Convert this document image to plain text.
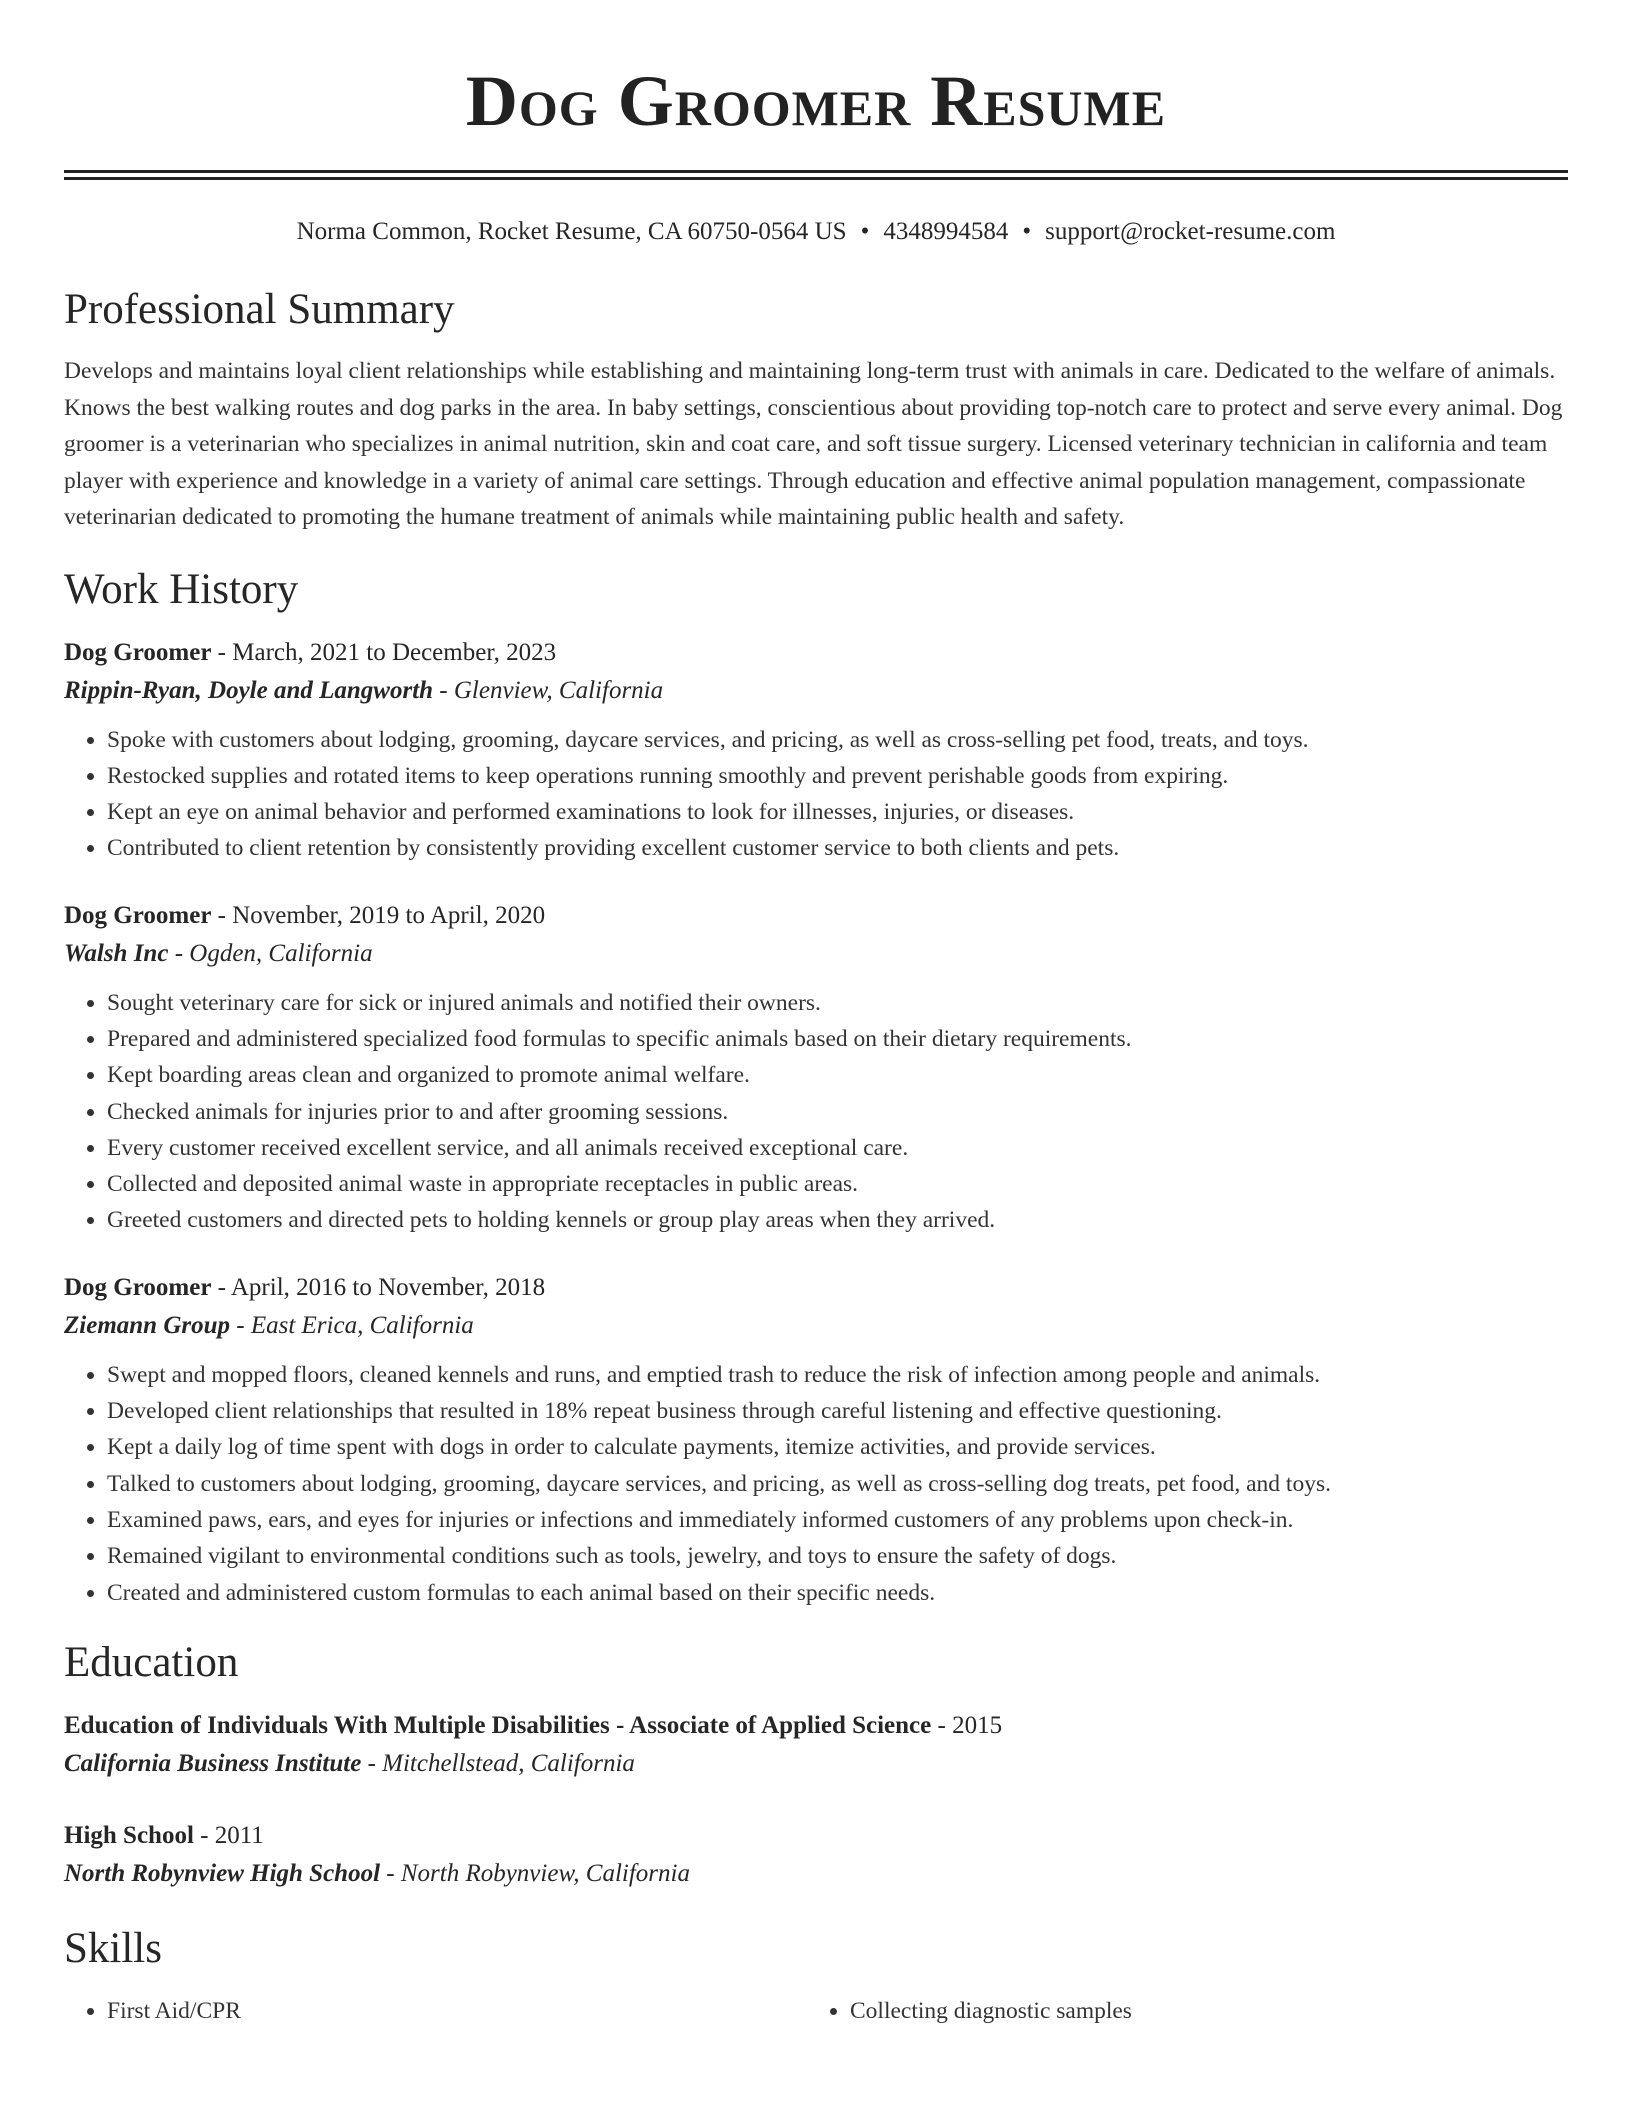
Dog Groomer Resume
Norma Common, Rocket Resume, CA 60750-0564 US • 4348994584 • support@rocket-resume.com
Professional Summary

Develops and maintains loyal client relationships while establishing and maintaining long-term trust with animals in care. Dedicated to the welfare of animals. Knows the best walking routes and dog parks in the area. In baby settings, conscientious about providing top-notch care to protect and serve every animal. Dog groomer is a veterinarian who specializes in animal nutrition, skin and coat care, and soft tissue surgery. Licensed veterinary technician in california and team player with experience and knowledge in a variety of animal care settings. Through education and effective animal population management, compassionate veterinarian dedicated to promoting the humane treatment of animals while maintaining public health and safety.

Work History
Dog Groomer - March, 2021 to December, 2023
Rippin-Ryan, Doyle and Langworth - Glenview, California
• Spoke with customers about lodging, grooming, daycare services, and pricing, as well as cross-selling pet food, treats, and toys.
• Restocked supplies and rotated items to keep operations running smoothly and prevent perishable goods from expiring.
• Kept an eye on animal behavior and performed examinations to look for illnesses, injuries, or diseases.
• Contributed to client retention by consistently providing excellent customer service to both clients and pets.
Dog Groomer - November, 2019 to April, 2020
Walsh Inc - Ogden, California
• Sought veterinary care for sick or injured animals and notified their owners.
• Prepared and administered specialized food formulas to specific animals based on their dietary requirements.
• Kept boarding areas clean and organized to promote animal welfare.
• Checked animals for injuries prior to and after grooming sessions.
• Every customer received excellent service, and all animals received exceptional care.
• Collected and deposited animal waste in appropriate receptacles in public areas.
• Greeted customers and directed pets to holding kennels or group play areas when they arrived.
Dog Groomer - April, 2016 to November, 2018
Ziemann Group - East Erica, California
• Swept and mopped floors, cleaned kennels and runs, and emptied trash to reduce the risk of infection among people and animals.
• Developed client relationships that resulted in 18% repeat business through careful listening and effective questioning.
• Kept a daily log of time spent with dogs in order to calculate payments, itemize activities, and provide services.
• Talked to customers about lodging, grooming, daycare services, and pricing, as well as cross-selling dog treats, pet food, and toys.
• Examined paws, ears, and eyes for injuries or infections and immediately informed customers of any problems upon check-in.
• Remained vigilant to environmental conditions such as tools, jewelry, and toys to ensure the safety of dogs.
• Created and administered custom formulas to each animal based on their specific needs.
Education
Education of Individuals With Multiple Disabilities - Associate of Applied Science - 2015
California Business Institute - Mitchellstead, California
High School - 2011
North Robynview High School - North Robynview, California
Skills
• First Aid/CPR
•	Collecting diagnostic samples
